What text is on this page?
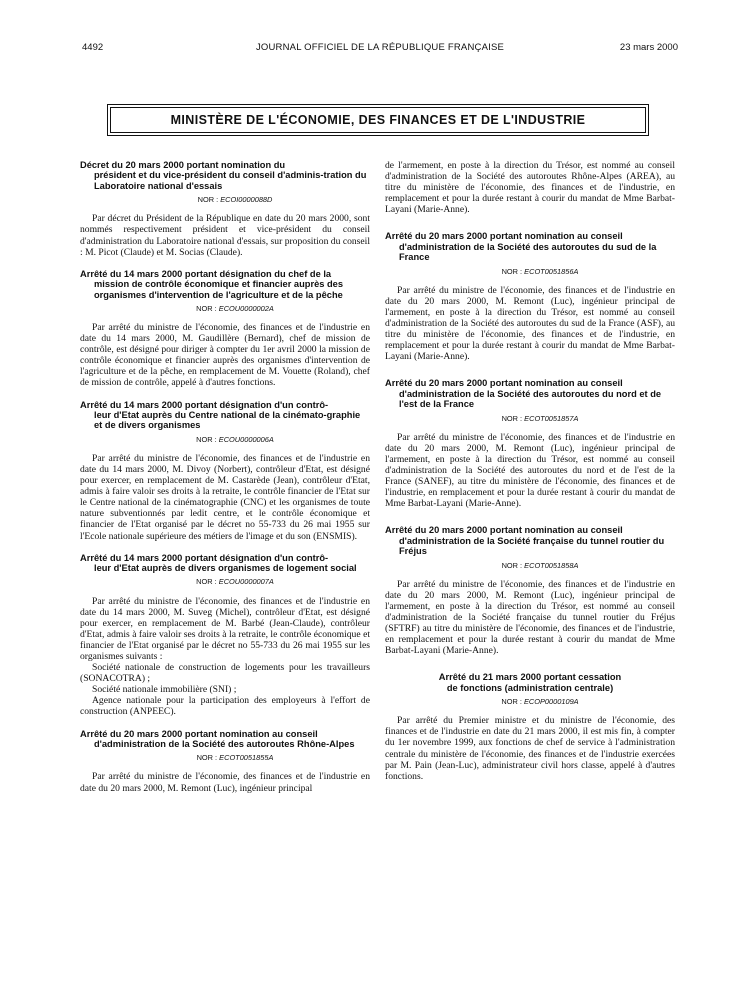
4492	JOURNAL OFFICIEL DE LA RÉPUBLIQUE FRANÇAISE	23 mars 2000
MINISTÈRE DE L'ÉCONOMIE, DES FINANCES ET DE L'INDUSTRIE

Décret du 20 mars 2000 portant nomination du
président et du vice-président du conseil d'adminis-tration du Laboratoire national d'essais

NOR : ECOI0000088D

Par décret du Président de la République en date du 20 mars 2000, sont nommés respectivement président et vice-président du conseil d'administration du Laboratoire national d'essais, sur proposition du conseil : M. Picot (Claude) et M. Socias (Claude).

Arrêté du 14 mars 2000 portant désignation du chef de la
mission de contrôle économique et financier auprès des organismes d'intervention de l'agriculture et de la pêche

NOR : ECOU0000002A

Par arrêté du ministre de l'économie, des finances et de l'industrie en date du 14 mars 2000, M. Gaudillère (Bernard), chef de mission de contrôle, est désigné pour diriger à compter du 1er avril 2000 la mission de contrôle économique et financier auprès des organismes d'intervention de l'agriculture et de la pêche, en remplacement de M. Vouette (Roland), chef de mission de contrôle, appelé à d'autres fonctions.

Arrêté du 14 mars 2000 portant désignation d'un contrô-
leur d'Etat auprès du Centre national de la cinémato-graphie et de divers organismes

NOR : ECOU0000006A

Par arrêté du ministre de l'économie, des finances et de l'industrie en date du 14 mars 2000, M. Divoy (Norbert), contrôleur d'Etat, est désigné pour exercer, en remplacement de M. Castarède (Jean), contrôleur d'Etat, admis à faire valoir ses droits à la retraite, le contrôle financier de l'Etat sur le Centre national de la cinématographie (CNC) et les organismes de toute nature subventionnés par ledit centre, et le contrôle économique et financier de l'Etat organisé par le décret no 55-733 du 26 mai 1955 sur l'Ecole nationale supérieure des métiers de l'image et du son (ENSMIS).

Arrêté du 14 mars 2000 portant désignation d'un contrô-
leur d'Etat auprès de divers organismes de logement social

NOR : ECOU0000007A

Par arrêté du ministre de l'économie, des finances et de l'industrie en date du 14 mars 2000, M. Suveg (Michel), contrôleur d'Etat, est désigné pour exercer, en remplacement de M. Barbé (Jean-Claude), contrôleur d'Etat, admis à faire valoir ses droits à la retraite, le contrôle économique et financier de l'Etat organisé par le décret no 55-733 du 26 mai 1955 sur les organismes suivants :

Société nationale de construction de logements pour les travailleurs (SONACOTRA) ;

Société nationale immobilière (SNI) ;

Agence nationale pour la participation des employeurs à l'effort de construction (ANPEEC).

Arrêté du 20 mars 2000 portant nomination au conseil
d'administration de la Société des autoroutes Rhône-Alpes

NOR : ECOT0051855A

Par arrêté du ministre de l'économie, des finances et de l'industrie en date du 20 mars 2000, M. Remont (Luc), ingénieur principal

de l'armement, en poste à la direction du Trésor, est nommé au conseil d'administration de la Société des autoroutes Rhône-Alpes (AREA), au titre du ministère de l'économie, des finances et de l'industrie, en remplacement et pour la durée restant à courir du mandat de Mme Barbat-Layani (Marie-Anne).

Arrêté du 20 mars 2000 portant nomination au conseil
d'administration de la Société des autoroutes du sud de la France

NOR : ECOT0051856A

Par arrêté du ministre de l'économie, des finances et de l'industrie en date du 20 mars 2000, M. Remont (Luc), ingénieur principal de l'armement, en poste à la direction du Trésor, est nommé au conseil d'administration de la Société des autoroutes du sud de la France (ASF), au titre du ministère de l'économie, des finances et de l'industrie, en remplacement et pour la durée restant à courir du mandat de Mme Barbat-Layani (Marie-Anne).

Arrêté du 20 mars 2000 portant nomination au conseil
d'administration de la Société des autoroutes du nord et de l'est de la France

NOR : ECOT0051857A

Par arrêté du ministre de l'économie, des finances et de l'industrie en date du 20 mars 2000, M. Remont (Luc), ingénieur principal de l'armement, en poste à la direction du Trésor, est nommé au conseil d'administration de la Société des autoroutes du nord et de l'est de la France (SANEF), au titre du ministère de l'économie, des finances et de l'industrie, en remplacement et pour la durée restant à courir du mandat de Mme Barbat-Layani (Marie-Anne).

Arrêté du 20 mars 2000 portant nomination au conseil
d'administration de la Société française du tunnel routier du Fréjus

NOR : ECOT0051858A

Par arrêté du ministre de l'économie, des finances et de l'industrie en date du 20 mars 2000, M. Remont (Luc), ingénieur principal de l'armement, en poste à la direction du Trésor, est nommé au conseil d'administration de la Société française du tunnel routier du Fréjus (SFTRF) au titre du ministère de l'économie, des finances et de l'industrie, en remplacement et pour la durée restant à courir du mandat de Mme Barbat-Layani (Marie-Anne).

Arrêté du 21 mars 2000 portant cessation
de fonctions (administration centrale)

NOR : ECOP0000109A

Par arrêté du Premier ministre et du ministre de l'économie, des finances et de l'industrie en date du 21 mars 2000, il est mis fin, à compter du 1er novembre 1999, aux fonctions de chef de service à l'administration centrale du ministère de l'économie, des finances et de l'industrie exercées par M. Pain (Jean-Luc), administrateur civil hors classe, appelé à d'autres fonctions.
